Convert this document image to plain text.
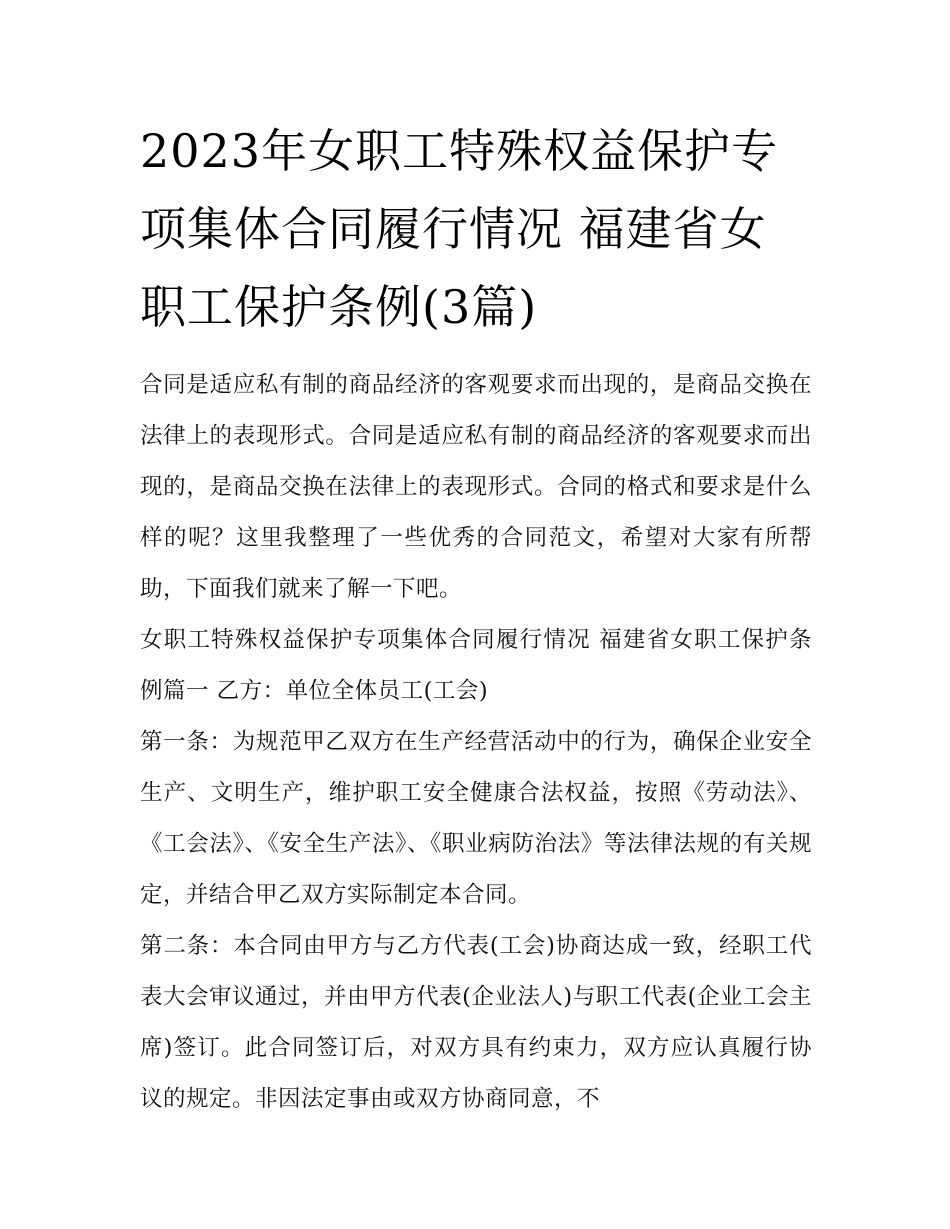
2023年女职工特殊权益保护专项集体合同履行情况 福建省女职工保护条例(3篇)

合同是适应私有制的商品经济的客观要求而出现的，是商品交换在法律上的表现形式。合同是适应私有制的商品经济的客观要求而出现的，是商品交换在法律上的表现形式。合同的格式和要求是什么样的呢？这里我整理了一些优秀的合同范文，希望对大家有所帮助，下面我们就来了解一下吧。

女职工特殊权益保护专项集体合同履行情况 福建省女职工保护条例篇一 乙方：单位全体员工(工会)

第一条：为规范甲乙双方在生产经营活动中的行为，确保企业安全生产、文明生产，维护职工安全健康合法权益，按照《劳动法》、《工会法》、《安全生产法》、《职业病防治法》等法律法规的有关规定，并结合甲乙双方实际制定本合同。

第二条：本合同由甲方与乙方代表(工会)协商达成一致，经职工代表大会审议通过，并由甲方代表(企业法人)与职工代表(企业工会主席)签订。此合同签订后，对双方具有约束力，双方应认真履行协议的规定。非因法定事由或双方协商同意，不
